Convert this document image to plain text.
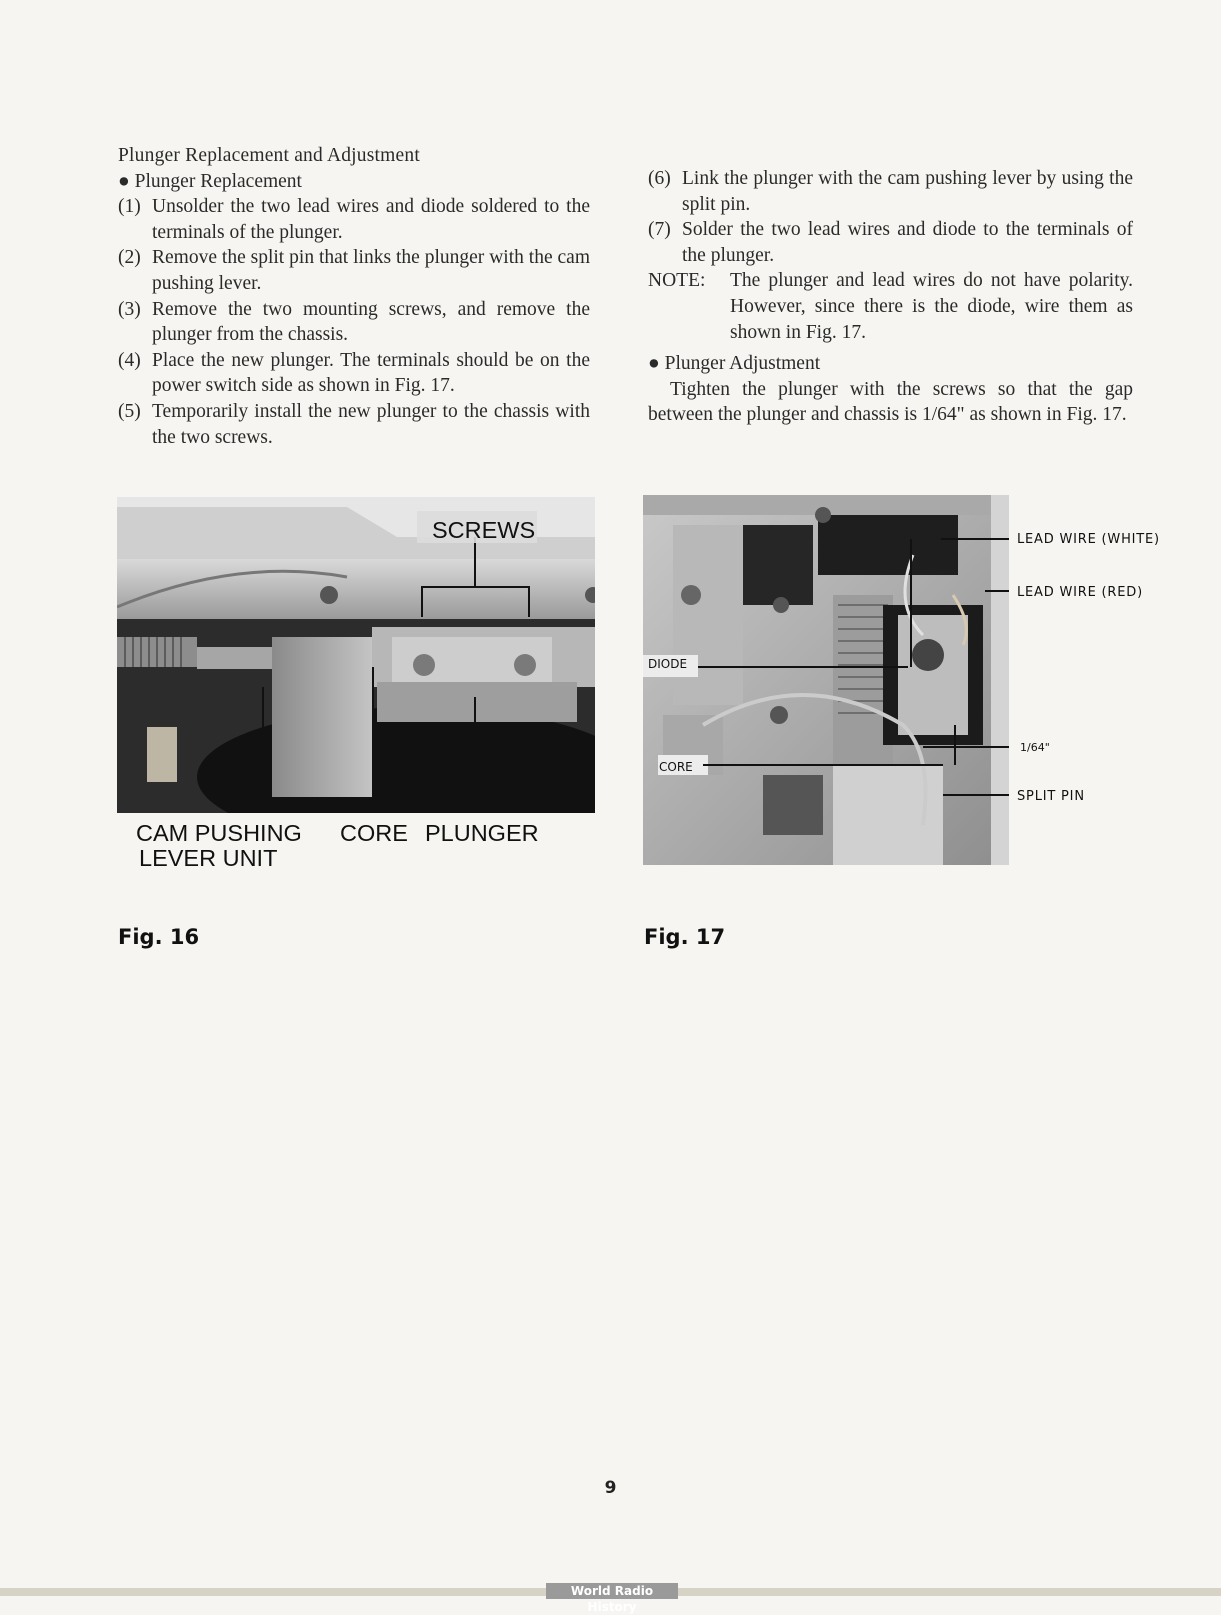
Plunger Replacement and Adjustment

● Plunger Replacement

(1) Unsolder the two lead wires and diode soldered to the terminals of the plunger.
(2) Remove the split pin that links the plunger with the cam pushing lever.
(3) Remove the two mounting screws, and remove the plunger from the chassis.
(4) Place the new plunger. The terminals should be on the power switch side as shown in Fig. 17.
(5) Temporarily install the new plunger to the chassis with the two screws.
(6) Link the plunger with the cam pushing lever by using the split pin.
(7) Solder the two lead wires and diode to the terminals of the plunger.
NOTE:	The plunger and lead wires do not have polarity. However, since there is the diode, wire them as shown in Fig. 17.

● Plunger Adjustment

Tighten the plunger with the screws so that the gap between the plunger and chassis is 1/64" as shown in Fig. 17.

SCREWS
CAM PUSHING
LEVER UNIT
CORE PLUNGER
Fig. 16
LEAD WIRE (WHITE)
LEAD WIRE (RED)
DIODE
CORE
1/64"
SPLIT PIN
Fig. 17
9
World Radio History
